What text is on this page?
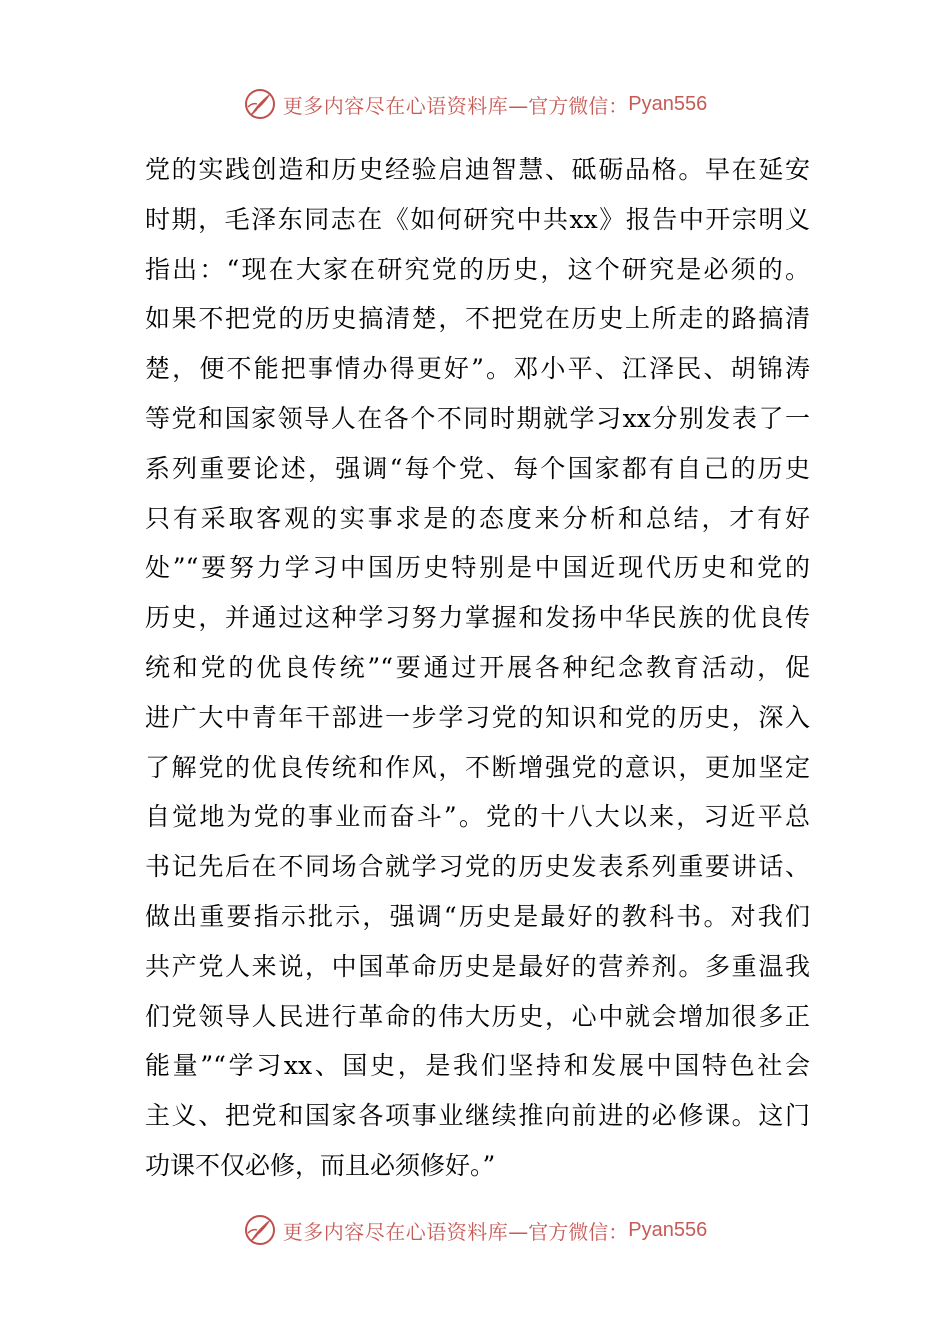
更多内容尽在心语资料库 —官方微信： Pyan556
党的实践创造和历史经验启迪智慧、砥砺品格。早在延安
时期，毛泽东同志在《如何研究中共xx》报告中开宗明义
指出：“现在大家在研究党的历史，这个研究是必须的。
如果不把党的历史搞清楚，不把党在历史上所走的路搞清
楚，便不能把事情办得更好”。邓小平、江泽民、胡锦涛
等党和国家领导人在各个不同时期就学习xx分别发表了一
系列重要论述，强调“每个党、每个国家都有自己的历史
只有采取客观的实事求是的态度来分析和总结，才有好
处”“要努力学习中国历史特别是中国近现代历史和党的
历史，并通过这种学习努力掌握和发扬中华民族的优良传
统和党的优良传统”“要通过开展各种纪念教育活动，促
进广大中青年干部进一步学习党的知识和党的历史，深入
了解党的优良传统和作风，不断增强党的意识，更加坚定
自觉地为党的事业而奋斗”。党的十八大以来，习近平总
书记先后在不同场合就学习党的历史发表系列重要讲话、
做出重要指示批示，强调“历史是最好的教科书。对我们
共产党人来说，中国革命历史是最好的营养剂。多重温我
们党领导人民进行革命的伟大历史，心中就会增加很多正
能量”“学习xx、国史，是我们坚持和发展中国特色社会
主义、把党和国家各项事业继续推向前进的必修课。这门
功课不仅必修，而且必须修好。”
更多内容尽在心语资料库 —官方微信： Pyan556
